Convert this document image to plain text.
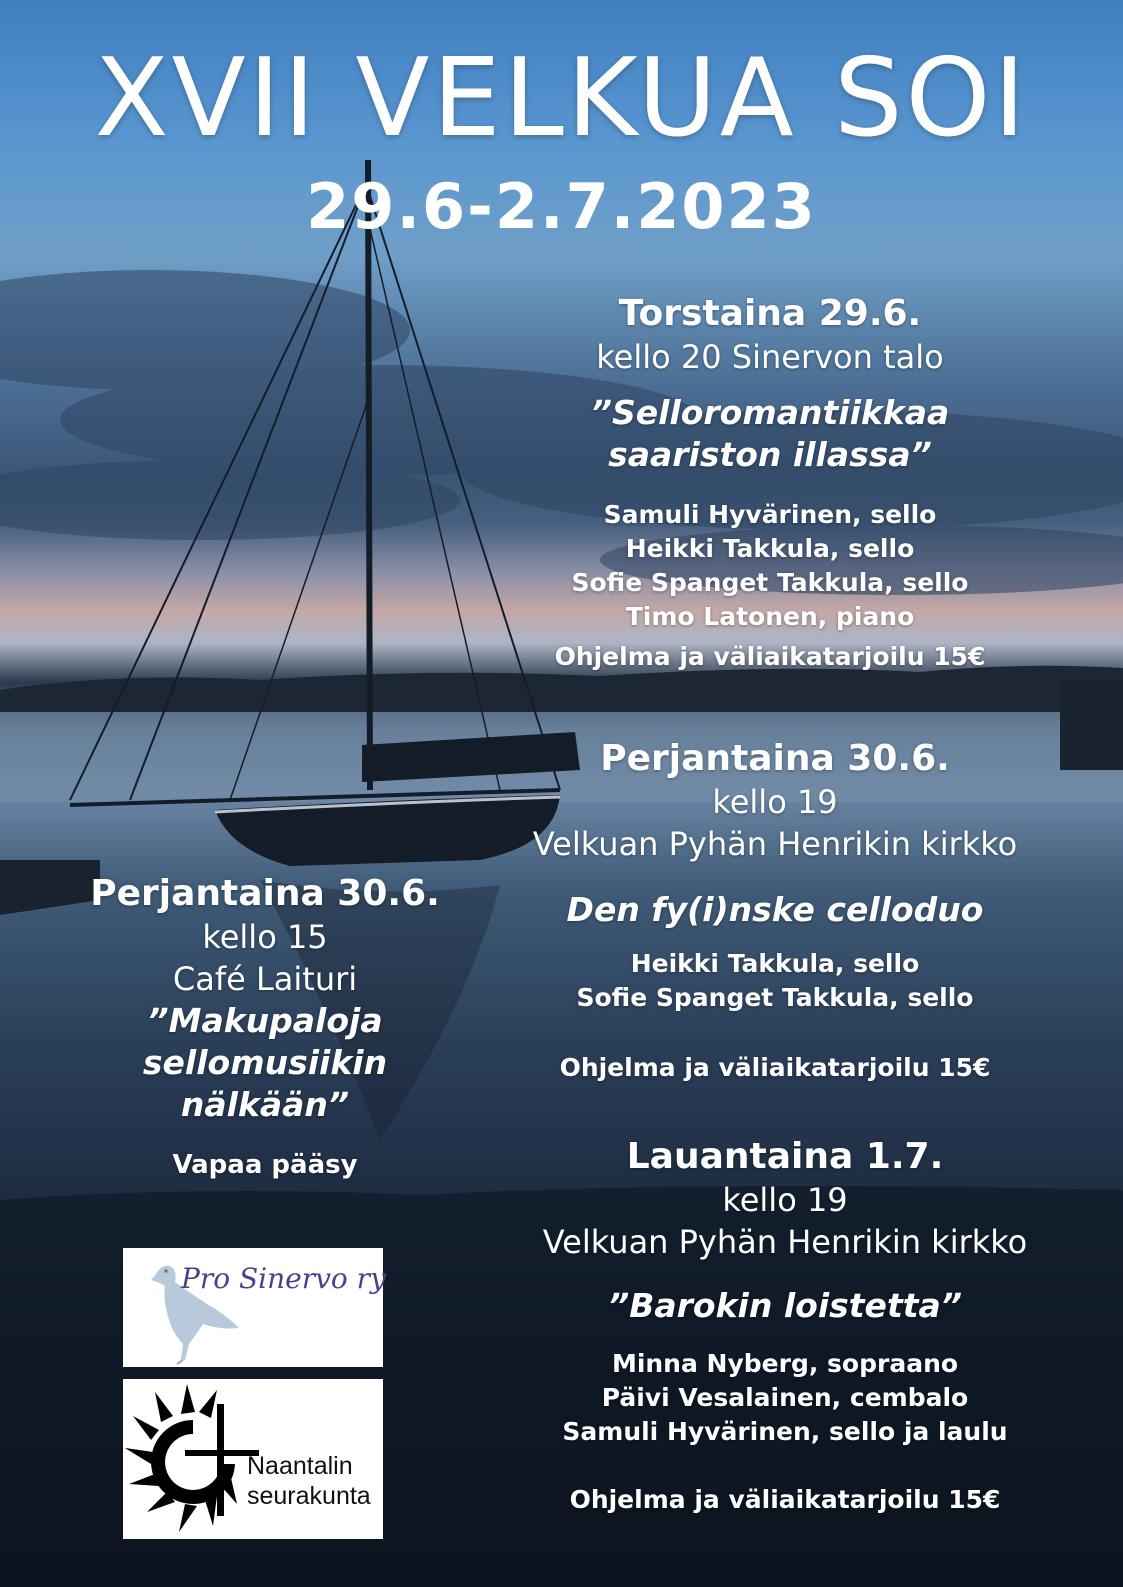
XVII VELKUA SOI
29.6-2.7.2023
Torstaina 29.6.
kello 20 Sinervon talo
”Selloromantiikkaa
saariston illassa”
Samuli Hyvärinen, sello
Heikki Takkula, sello
Sofie Spanget Takkula, sello
Timo Latonen, piano
Ohjelma ja väliaikatarjoilu 15€
Perjantaina 30.6.
kello 19
Velkuan Pyhän Henrikin kirkko
Den fy(i)nske celloduo
Heikki Takkula, sello
Sofie Spanget Takkula, sello
Ohjelma ja väliaikatarjoilu 15€
Lauantaina 1.7.
kello 19
Velkuan Pyhän Henrikin kirkko
”Barokin loistetta”
Minna Nyberg, sopraano
Päivi Vesalainen, cembalo
Samuli Hyvärinen, sello ja laulu
Ohjelma ja väliaikatarjoilu 15€
Perjantaina 30.6.
kello 15
Café Laituri
”Makupaloja
sellomusiikin
nälkään”
Vapaa pääsy
Pro Sinervo ry
Naantalin
seurakunta
